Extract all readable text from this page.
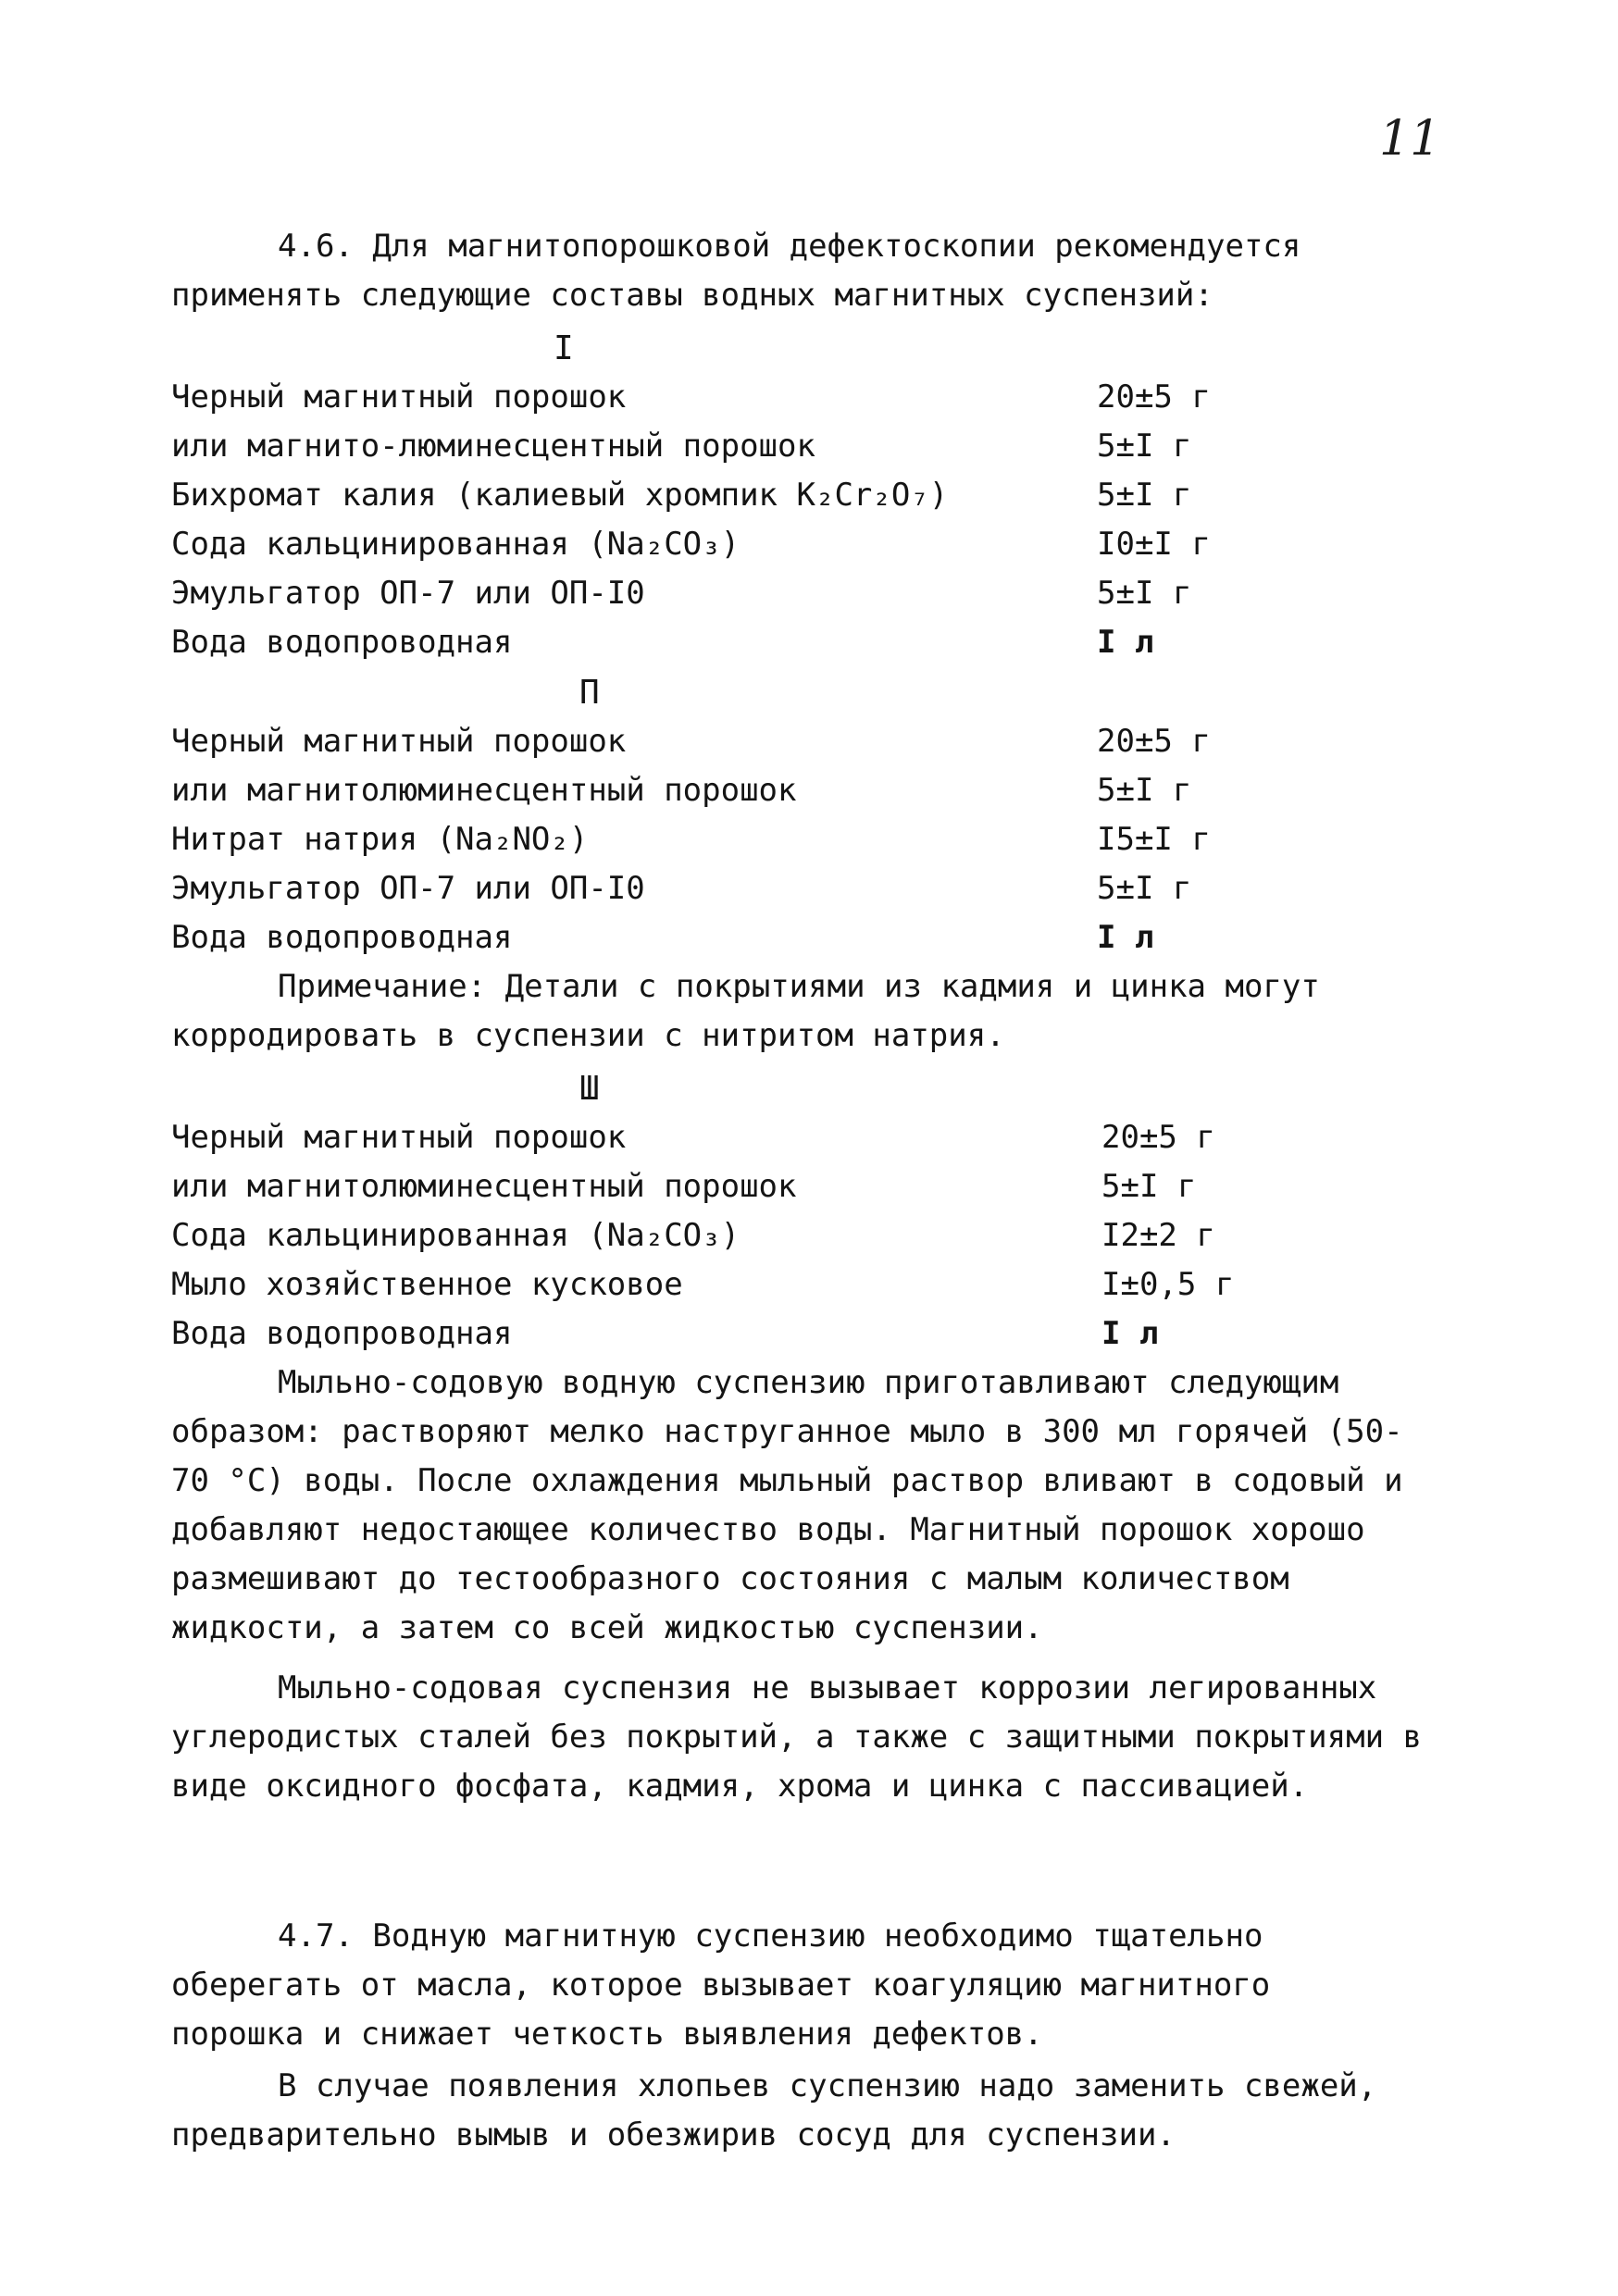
11
4.6. Для магнитопорошковой дефектоскопии рекомендуется применять следующие составы водных магнитных суспензий:
I
Черный магнитный порошок	20±5 г
или магнито-люминесцентный порошок	5±I г
Бихромат калия (калиевый хромпик K₂Cr₂O₇)	5±I г
Сода кальцинированная (Na₂CO₃)	I0±I г
Эмульгатор ОП-7 или ОП-I0	5±I г
Вода водопроводная	I л
П
Черный магнитный порошок	20±5 г
или магнитолюминесцентный порошок	5±I г
Нитрат натрия (Na₂NO₂)	I5±I г
Эмульгатор ОП-7 или ОП-I0	5±I г
Вода водопроводная	I л
Примечание: Детали с покрытиями из кадмия и цинка могут корродировать в суспензии с нитритом натрия.
Ш
Черный магнитный порошок	20±5 г
или магнитолюминесцентный порошок	5±I г
Сода кальцинированная (Na₂CO₃)	I2±2 г
Мыло хозяйственное кусковое	I±0,5 г
Вода водопроводная	I л
Мыльно-содовую водную суспензию приготавливают следующим образом: растворяют мелко наструганное мыло в 300 мл горячей (50-70 °С) воды. После охлаждения мыльный раствор вливают в содовый и добавляют недостающее количество воды. Магнитный порошок хорошо размешивают до тестообразного состояния с малым количеством жидкости, а затем со всей жидкостью суспензии.
Мыльно-содовая суспензия не вызывает коррозии легированных углеродистых сталей без покрытий, а также с защитными покрытиями в виде оксидного фосфата, кадмия, хрома и цинка с пассивацией.
4.7. Водную магнитную суспензию необходимо тщательно оберегать от масла, которое вызывает коагуляцию магнитного порошка и снижает четкость выявления дефектов.
В случае появления хлопьев суспензию надо заменить свежей, предварительно вымыв и обезжирив сосуд для суспензии.
